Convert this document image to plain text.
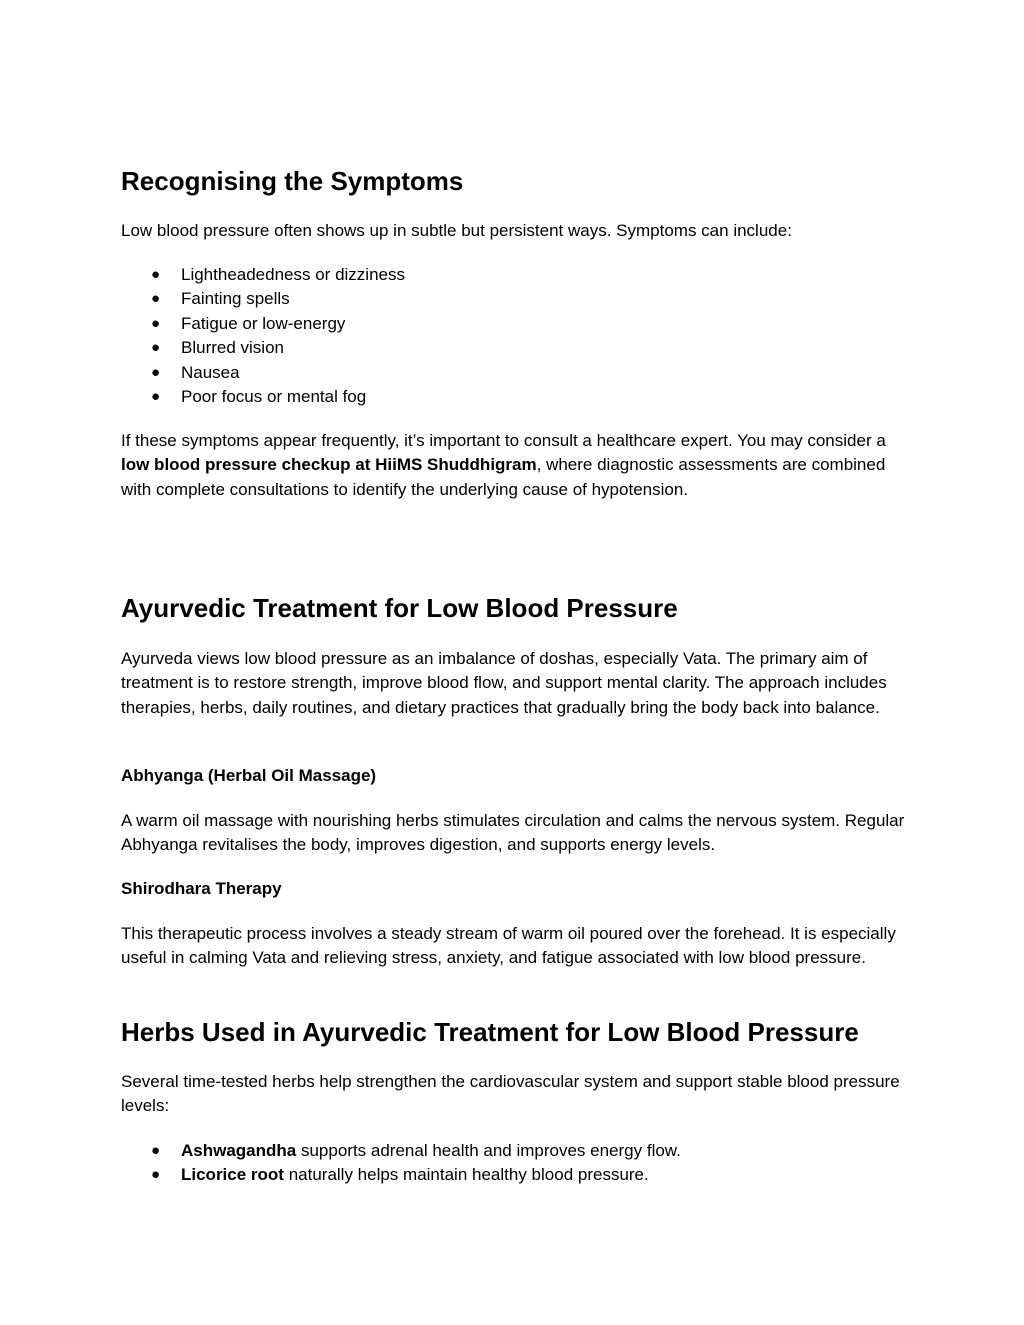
Recognising the Symptoms

Low blood pressure often shows up in subtle but persistent ways. Symptoms can include:

● Lightheadedness or dizziness
● Fainting spells
● Fatigue or low-energy
● Blurred vision
● Nausea
● Poor focus or mental fog

If these symptoms appear frequently, it’s important to consult a healthcare expert. You may consider a low blood pressure checkup at HiiMS Shuddhigram, where diagnostic assessments are combined with complete consultations to identify the underlying cause of hypotension.

Ayurvedic Treatment for Low Blood Pressure

Ayurveda views low blood pressure as an imbalance of doshas, especially Vata. The primary aim of treatment is to restore strength, improve blood flow, and support mental clarity. The approach includes therapies, herbs, daily routines, and dietary practices that gradually bring the body back into balance.

Abhyanga (Herbal Oil Massage)

A warm oil massage with nourishing herbs stimulates circulation and calms the nervous system. Regular Abhyanga revitalises the body, improves digestion, and supports energy levels.

Shirodhara Therapy

This therapeutic process involves a steady stream of warm oil poured over the forehead. It is especially useful in calming Vata and relieving stress, anxiety, and fatigue associated with low blood pressure.

Herbs Used in Ayurvedic Treatment for Low Blood Pressure

Several time-tested herbs help strengthen the cardiovascular system and support stable blood pressure levels:

● Ashwagandha supports adrenal health and improves energy flow.
● Licorice root naturally helps maintain healthy blood pressure.
